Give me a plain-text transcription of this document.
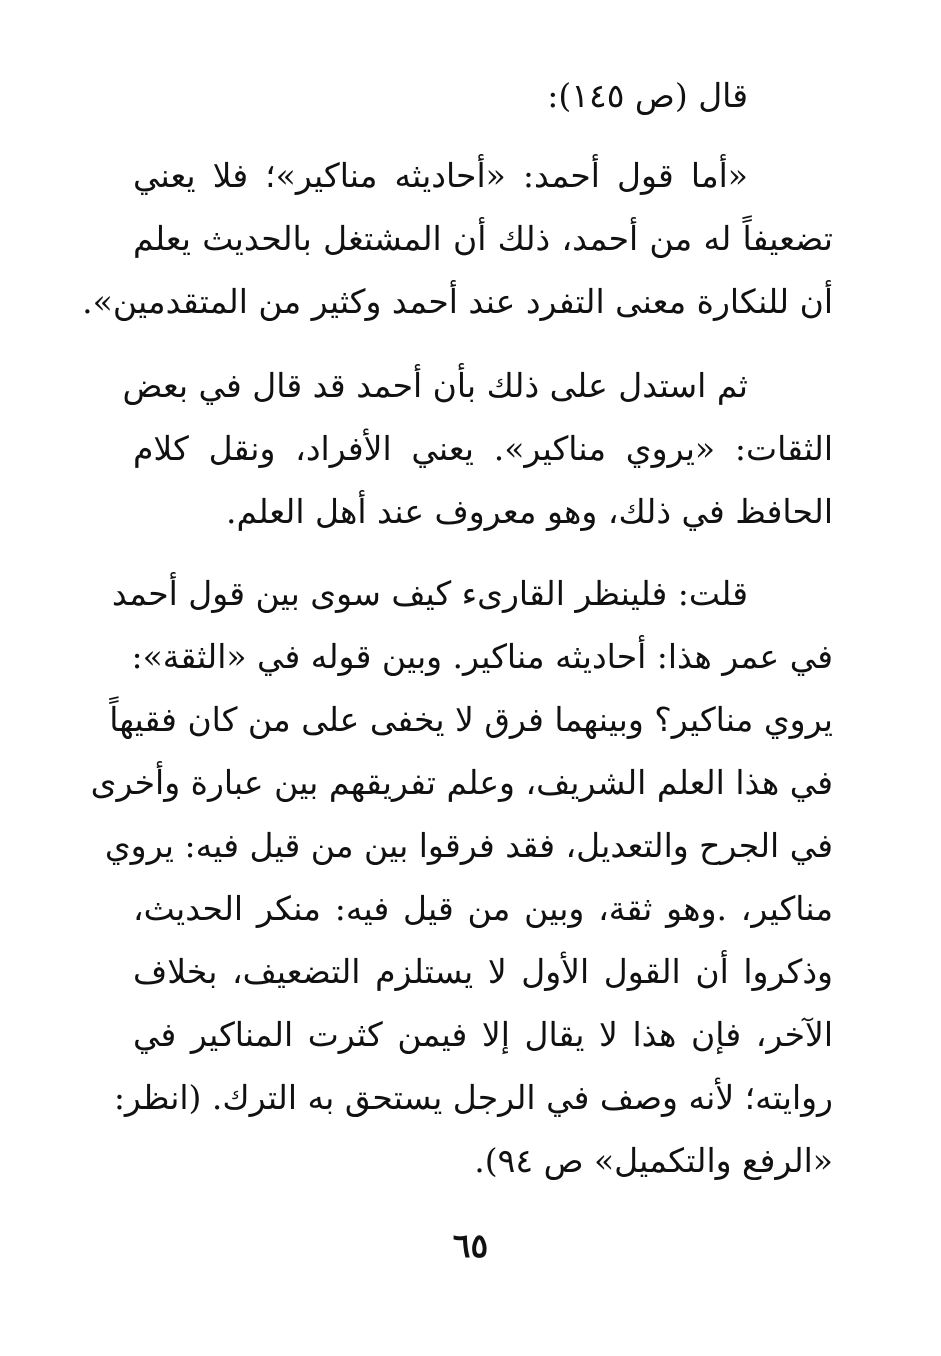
قال (ص ١٤٥):
«أما قول أحمد: «أحاديثه مناكير»؛ فلا يعني
تضعيفاً له من أحمد، ذلك أن المشتغل بالحديث يعلم
أن للنكارة معنى التفرد عند أحمد وكثير من المتقدمين».
ثم استدل على ذلك بأن أحمد قد قال في بعض
الثقات: «يروي مناكير». يعني الأفراد، ونقل كلام
الحافظ في ذلك، وهو معروف عند أهل العلم.
قلت: فلينظر القارىء كيف سوى بين قول أحمد
في عمر هذا: أحاديثه مناكير. وبين قوله في «الثقة»:
يروي مناكير؟ وبينهما فرق لا يخفى على من كان فقيهاً
في هذا العلم الشريف، وعلم تفريقهم بين عبارة وأخرى
في الجرح والتعديل، فقد فرقوا بين من قيل فيه: يروي
مناكير، .وهو ثقة، وبين من قيل فيه: منكر الحديث،
وذكروا أن القول الأول لا يستلزم التضعيف، بخلاف
الآخر، فإن هذا لا يقال إلا فيمن كثرت المناكير في
روايته؛ لأنه وصف في الرجل يستحق به الترك. (انظر:
«الرفع والتكميل» ص ٩٤).
٦٥
